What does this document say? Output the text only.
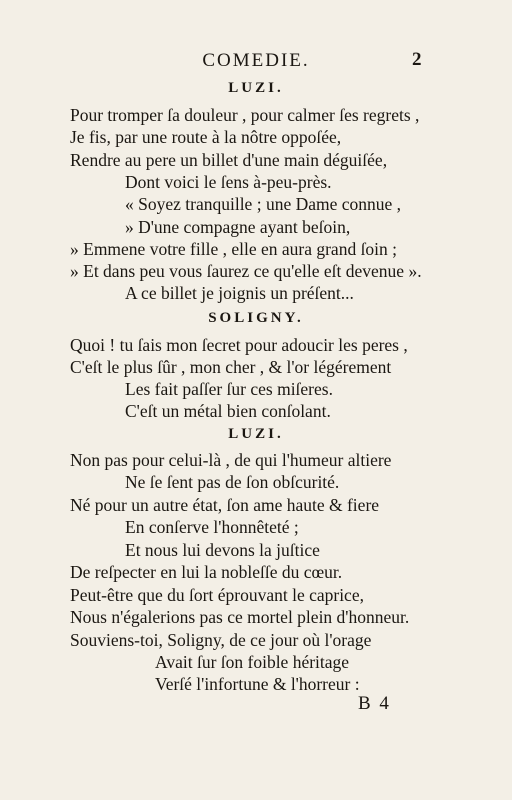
COMEDIE.	2
LUZI.
Pour tromper ſa douleur , pour calmer ſes regrets ,
Je fis, par une route à la nôtre oppoſée,
Rendre au pere un billet d'une main déguiſée,
Dont voici le ſens à-peu-près.
« Soyez tranquille ; une Dame connue ,
» D'une compagne ayant beſoin,
» Emmene votre fille , elle en aura grand ſoin ;
» Et dans peu vous ſaurez ce qu'elle eſt devenue ».
A ce billet je joignis un préſent...
SOLIGNY.
Quoi ! tu ſais mon ſecret pour adoucir les peres ,
C'eſt le plus ſûr , mon cher , & l'or légérement
Les fait paſſer ſur ces miſeres.
C'eſt un métal bien conſolant.
LUZI.
Non pas pour celui-là , de qui l'humeur altiere
Ne ſe ſent pas de ſon obſcurité.
Né pour un autre état, ſon ame haute & fiere
En conſerve l'honnêteté ;
Et nous lui devons la juſtice
De reſpecter en lui la nobleſſe du cœur.
Peut-être que du ſort éprouvant le caprice,
Nous n'égalerions pas ce mortel plein d'honneur.
Souviens-toi, Soligny, de ce jour où l'orage
Avait ſur ſon foible héritage
Verſé l'infortune & l'horreur :
B 4
